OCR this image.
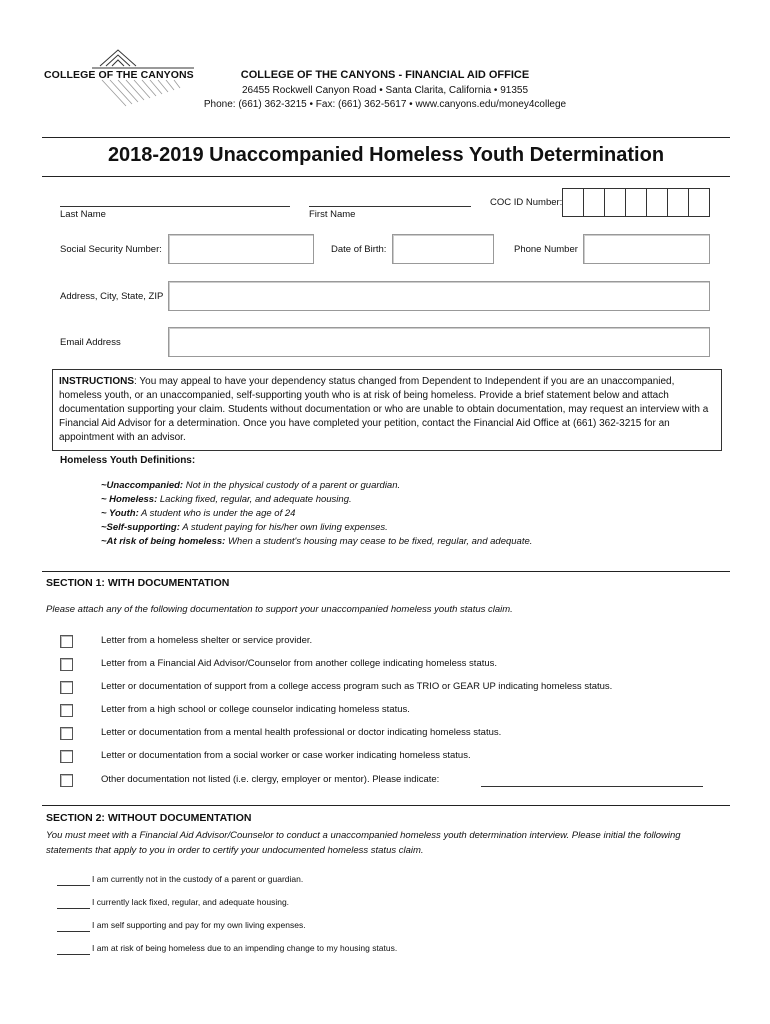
COLLEGE OF THE CANYONS	COLLEGE OF THE CANYONS - FINANCIAL AID OFFICE
26455 Rockwell Canyon Road • Santa Clarita, California • 91355
Phone: (661) 362-3215 • Fax: (661) 362-5617 • www.canyons.edu/money4college
2018-2019 Unaccompanied Homeless Youth Determination
Last Name	First Name
COC ID Number:
Social Security Number:	Date of Birth:	Phone Number
Address, City, State, ZIP
Email Address
INSTRUCTIONS: You may appeal to have your dependency status changed from Dependent to Independent if you are an unaccompanied, homeless youth, or an unaccompanied, self-supporting youth who is at risk of being homeless. Provide a brief statement below and attach documentation supporting your claim. Students without documentation or who are unable to obtain documentation, may request an interview with a Financial Aid Advisor for a determination. Once you have completed your petition, contact the Financial Aid Office at (661) 362-3215 for an appointment with an advisor.
Homeless Youth Definitions:
~Unaccompanied: Not in the physical custody of a parent or guardian.
~ Homeless: Lacking fixed, regular, and adequate housing.
~ Youth: A student who is under the age of 24
~Self-supporting: A student paying for his/her own living expenses.
~At risk of being homeless: When a student's housing may cease to be fixed, regular, and adequate.
SECTION 1: WITH DOCUMENTATION
Please attach any of the following documentation to support your unaccompanied homeless youth status claim.
Letter from a homeless shelter or service provider.
Letter from a Financial Aid Advisor/Counselor from another college indicating homeless status.
Letter or documentation of support from a college access program such as TRIO or GEAR UP indicating homeless status.
Letter from a high school or college counselor indicating homeless status.
Letter or documentation from a mental health professional or doctor indicating homeless status.
Letter or documentation from a social worker or case worker indicating homeless status.
Other documentation not listed (i.e. clergy, employer or mentor). Please indicate:
SECTION 2: WITHOUT DOCUMENTATION
You must meet with a Financial Aid Advisor/Counselor to conduct a unaccompanied homeless youth determination interview. Please initial the following statements that apply to you in order to certify your undocumented homeless status claim.
I am currently not in the custody of a parent or guardian.
I currently lack fixed, regular, and adequate housing.
I am self supporting and pay for my own living expenses.
I am at risk of being homeless due to an impending change to my housing status.
